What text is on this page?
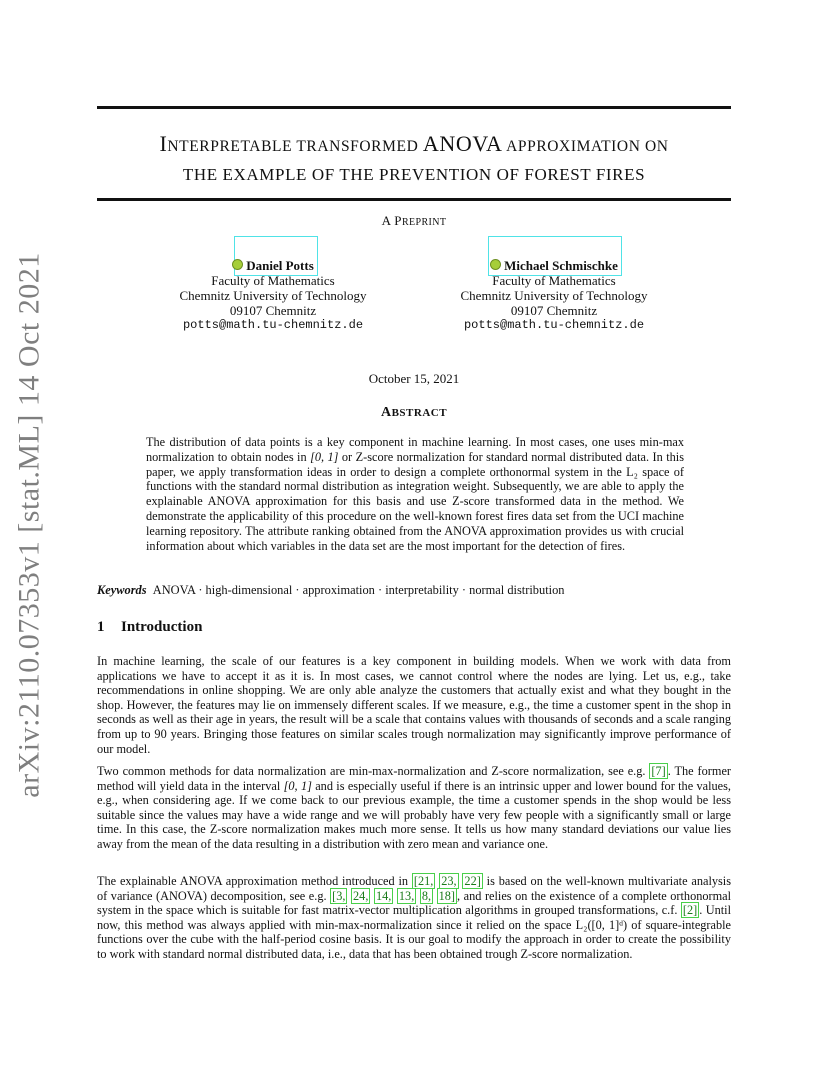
arXiv:2110.07353v1 [stat.ML] 14 Oct 2021
INTERPRETABLE TRANSFORMED ANOVA APPROXIMATION ON
THE EXAMPLE OF THE PREVENTION OF FOREST FIRES
A PREPRINT
Daniel Potts
Faculty of Mathematics
Chemnitz University of Technology
09107 Chemnitz
potts@math.tu-chemnitz.de
Michael Schmischke
Faculty of Mathematics
Chemnitz University of Technology
09107 Chemnitz
potts@math.tu-chemnitz.de
October 15, 2021
ABSTRACT
The distribution of data points is a key component in machine learning. In most cases, one uses min-max normalization to obtain nodes in [0, 1] or Z-score normalization for standard normal distributed data. In this paper, we apply transformation ideas in order to design a complete orthonormal system in the L₂ space of functions with the standard normal distribution as integration weight. Subsequently, we are able to apply the explainable ANOVA approximation for this basis and use Z-score transformed data in the method. We demonstrate the applicability of this procedure on the well-known forest fires data set from the UCI machine learning repository. The attribute ranking obtained from the ANOVA approximation provides us with crucial information about which variables in the data set are the most important for the detection of fires.
Keywords ANOVA · high-dimensional · approximation · interpretability · normal distribution
1 Introduction

In machine learning, the scale of our features is a key component in building models. When we work with data from applications we have to accept it as it is. In most cases, we cannot control where the nodes are lying. Let us, e.g., take recommendations in online shopping. We are only able analyze the customers that actually exist and what they bought in the shop. However, the features may lie on immensely different scales. If we measure, e.g., the time a customer spent in the shop in seconds as well as their age in years, the result will be a scale that contains values with thousands of seconds and a scale ranging from up to 90 years. Bringing those features on similar scales trough normalization may significantly improve performance of our model.

Two common methods for data normalization are min-max-normalization and Z-score normalization, see e.g. [7] . The former method will yield data in the interval [0, 1] and is especially useful if there is an intrinsic upper and lower bound for the values, e.g., when considering age. If we come back to our previous example, the time a customer spends in the shop would be less suitable since the values may have a wide range and we will probably have very few people with a significantly small or large time. In this case, the Z-score normalization makes much more sense. It tells us how many standard deviations our value lies away from the mean of the data resulting in a distribution with zero mean and variance one.

The explainable ANOVA approximation method introduced in [21, 23, 22] is based on the well-known multivariate analysis of variance (ANOVA) decomposition, see e.g. [3, 24, 14, 13, 8, 18] , and relies on the existence of a complete orthonormal system in the space which is suitable for fast matrix-vector multiplication algorithms in grouped transformations, c.f. [2] . Until now, this method was always applied with min-max-normalization since it relied on the space L₂([0, 1]ᵈ) of square-integrable functions over the cube with the half-period cosine basis. It is our goal to modify the approach in order to create the possibility to work with standard normal distributed data, i.e., data that has been obtained trough Z-score normalization.
